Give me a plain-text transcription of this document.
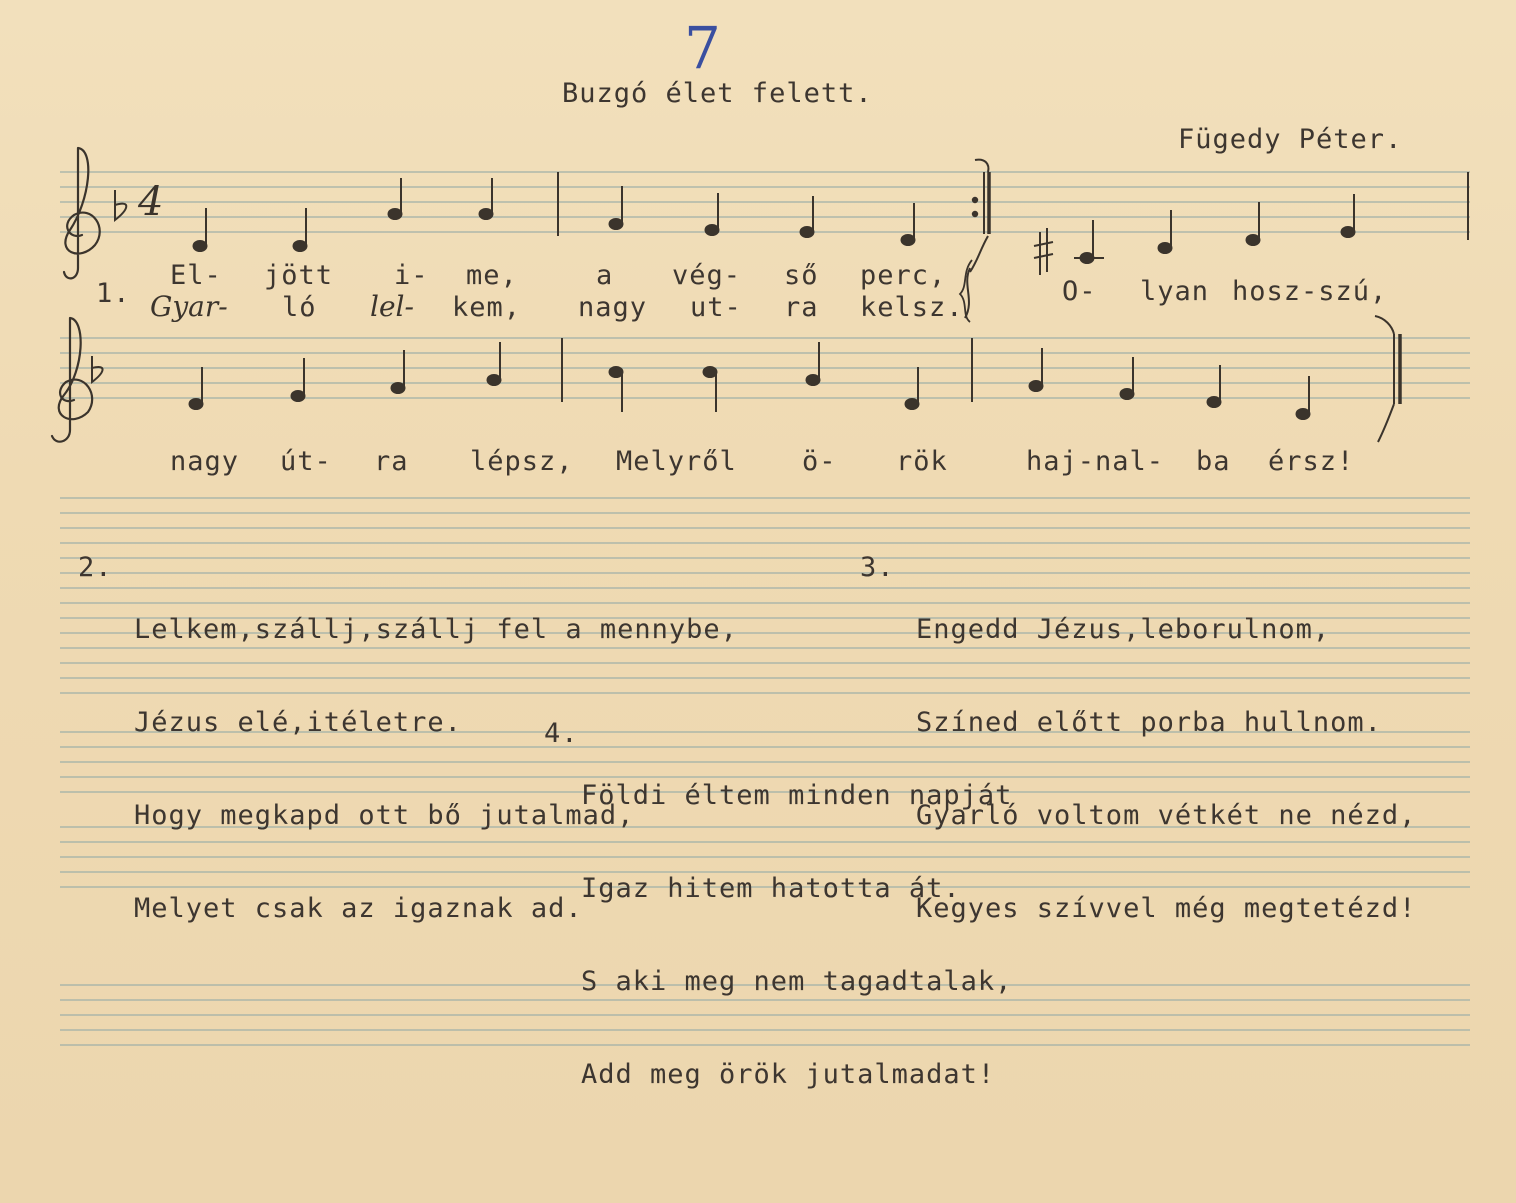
7
Buzgó élet felett.
Fügedy Péter.
4
1.
El- jött i- me,	a vég- ső perc,
Gyar- ló lel- kem, nagy ut- ra kelsz.
O- lyan hosz-szú,
nagy út- ra lépsz, Melyről ö- rök	haj-nal- ba érsz!
2.

Lelkem,szállj,szállj fel a mennybe,

Jézus elé,itéletre.

Hogy megkapd ott bő jutalmad,

Melyet csak az igaznak ad.

3.

Engedd Jézus,leborulnom,

Színed előtt porba hullnom.

Gyarló voltom vétkét ne nézd,

Kegyes szívvel még megtetézd!

4.

Földi éltem minden napját

Igaz hitem hatotta át.

S aki meg nem tagadtalak,

Add meg örök jutalmadat!
